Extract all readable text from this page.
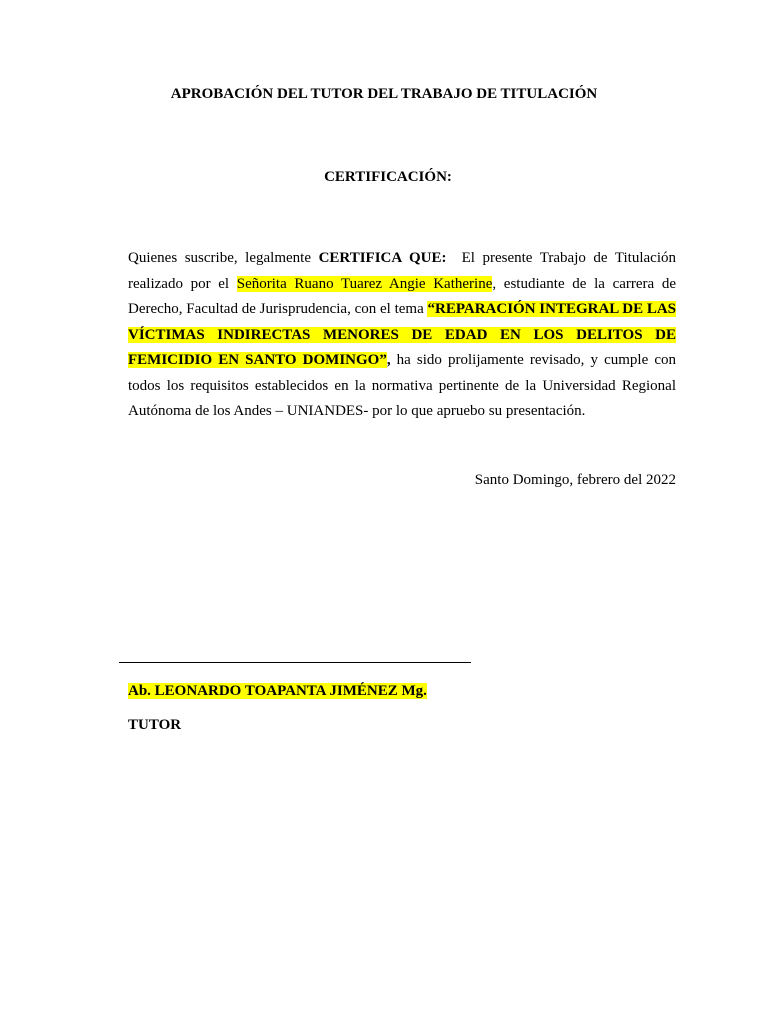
APROBACIÓN DEL TUTOR DEL TRABAJO DE TITULACIÓN
CERTIFICACIÓN:
Quienes suscribe, legalmente CERTIFICA QUE:  El presente Trabajo de Titulación realizado por el Señorita Ruano Tuarez Angie Katherine, estudiante de la carrera de Derecho, Facultad de Jurisprudencia, con el tema “REPARACIÓN INTEGRAL DE LAS VÍCTIMAS INDIRECTAS MENORES DE EDAD EN LOS DELITOS DE FEMICIDIO EN SANTO DOMINGO”, ha sido prolijamente revisado, y cumple con todos los requisitos establecidos en la normativa pertinente de la Universidad Regional Autónoma de los Andes – UNIANDES- por lo que apruebo su presentación.
Santo Domingo, febrero del 2022
Ab. LEONARDO TOAPANTA JIMÉNEZ Mg.
TUTOR
